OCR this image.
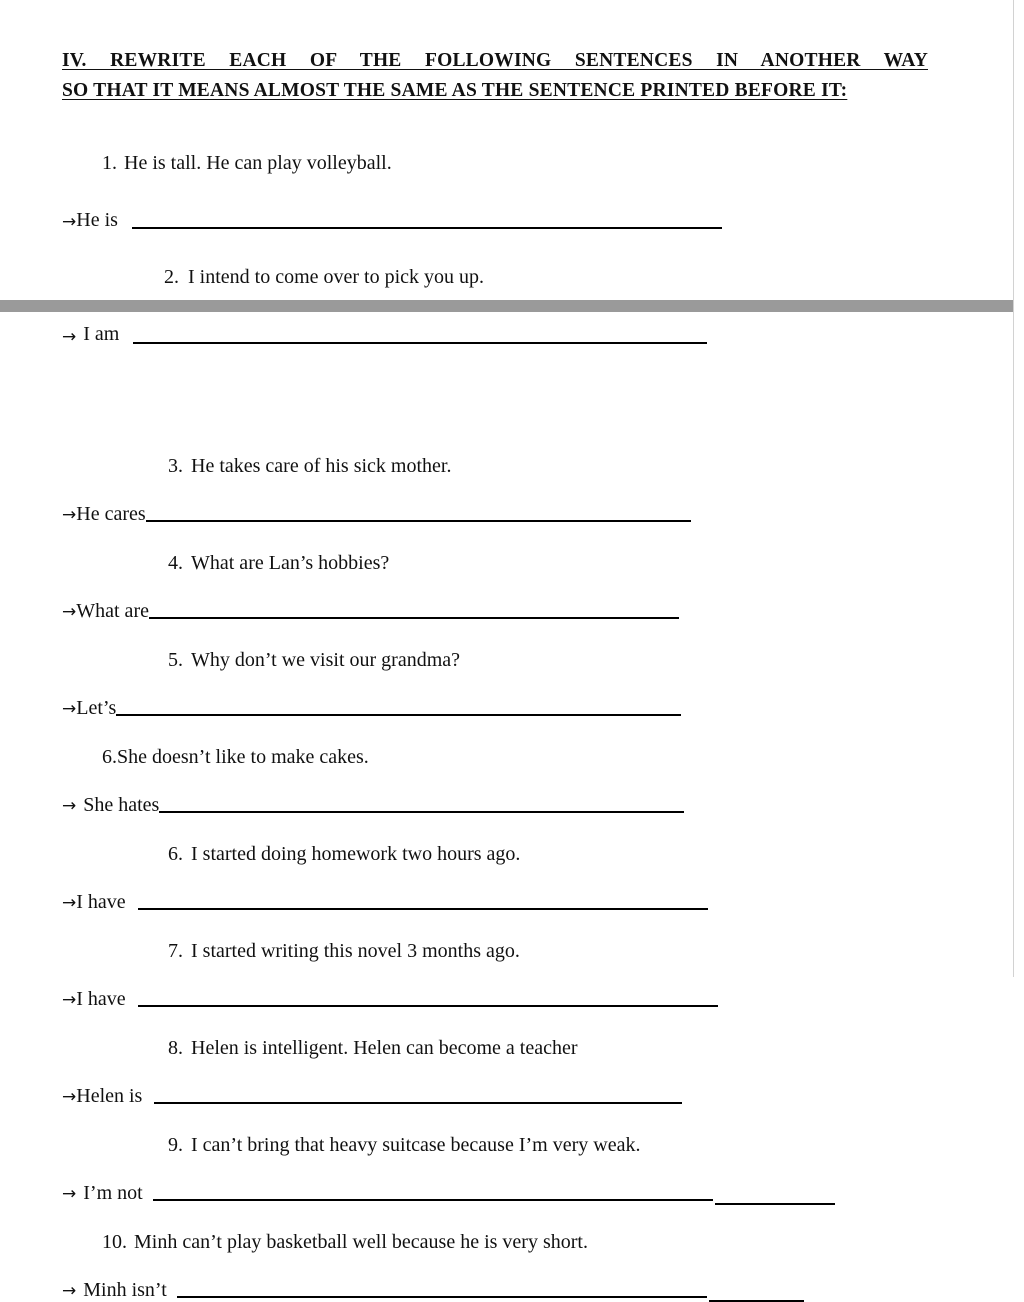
IV. REWRITE EACH OF THE FOLLOWING SENTENCES IN ANOTHER WAY
SO THAT IT MEANS ALMOST THE SAME AS THE SENTENCE PRINTED BEFORE IT:

1. He is tall. He can play volleyball.

→ He is

2. I intend to come over to pick you up.

→ I am

3. He takes care of his sick mother.

→ He cares

4. What are Lan’s hobbies?

→ What are

5. Why don’t we visit our grandma?

→ Let’s

6.She doesn’t like to make cakes.

→ She hates

6. I started doing homework two hours ago.

→ I have

7. I started writing this novel 3 months ago.

→ I have

8. Helen is intelligent. Helen can become a teacher

→ Helen is

9. I can’t bring that heavy suitcase because I’m very weak.

→ I’m not

10. Minh can’t play basketball well because he is very short.

→ Minh isn’t
